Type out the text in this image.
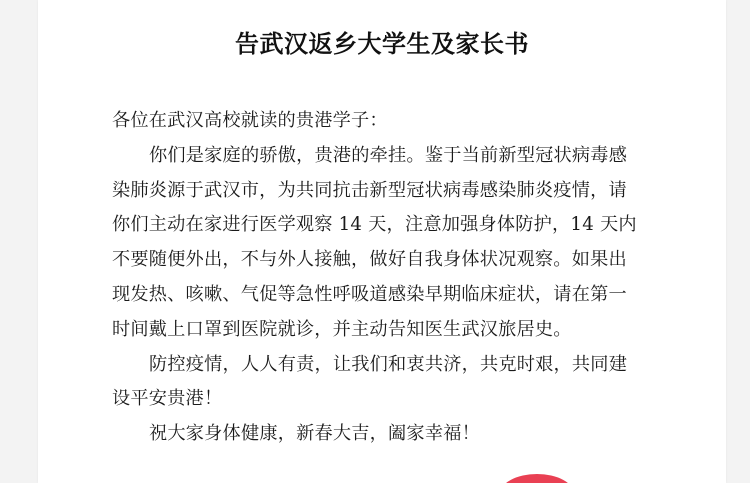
告武汉返乡大学生及家长书
各位在武汉高校就读的贵港学子：
你们是家庭的骄傲，贵港的牵挂。鉴于当前新型冠状病毒感
染肺炎源于武汉市，为共同抗击新型冠状病毒感染肺炎疫情，请
你们主动在家进行医学观察 14 天，注意加强身体防护，14 天内
不要随便外出，不与外人接触，做好自我身体状况观察。如果出
现发热、咳嗽、气促等急性呼吸道感染早期临床症状，请在第一
时间戴上口罩到医院就诊，并主动告知医生武汉旅居史。
防控疫情，人人有责，让我们和衷共济，共克时艰，共同建
设平安贵港！
祝大家身体健康，新春大吉，阖家幸福！
